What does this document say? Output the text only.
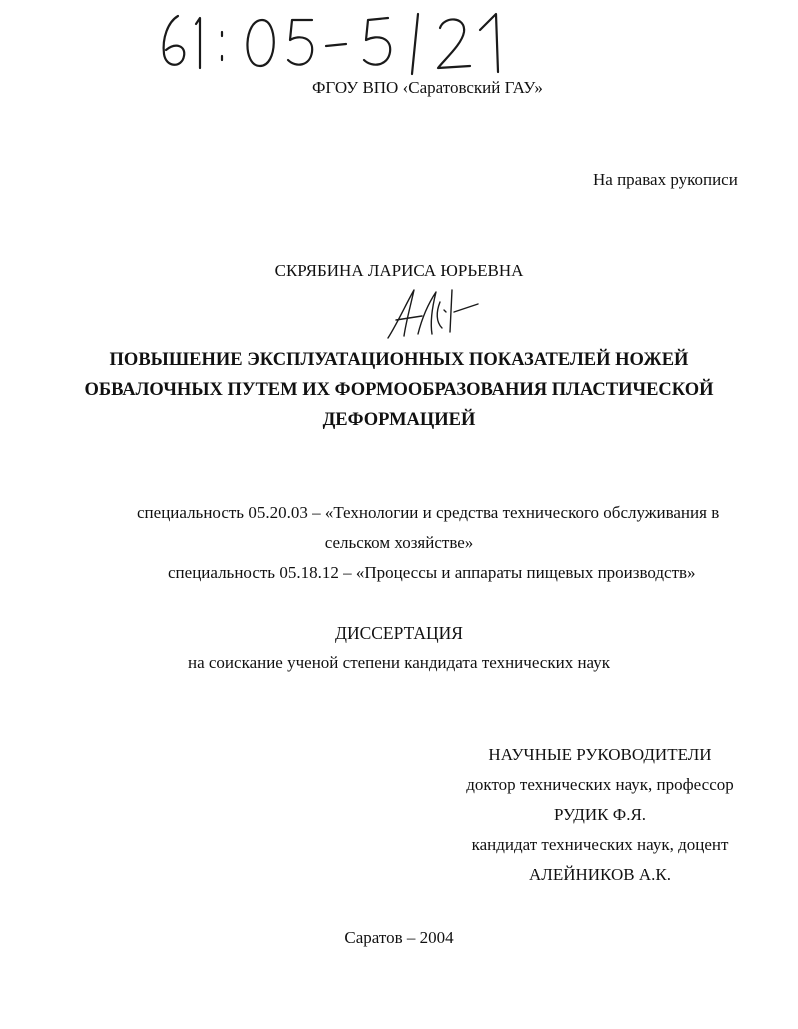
ФГОУ ВПО ‹Саратовский ГАУ»
На правах рукописи
СКРЯБИНА ЛАРИСА ЮРЬЕВНА
ПОВЫШЕНИЕ ЭКСПЛУАТАЦИОННЫХ ПОКАЗАТЕЛЕЙ НОЖЕЙ
ОБВАЛОЧНЫХ ПУТЕМ ИХ ФОРМООБРАЗОВАНИЯ ПЛАСТИЧЕСКОЙ
ДЕФОРМАЦИЕЙ
специальность 05.20.03 – «Технологии и средства технического обслуживания в
сельском хозяйстве»
специальность 05.18.12 – «Процессы и аппараты пищевых производств»
ДИССЕРТАЦИЯ
на соискание ученой степени кандидата технических наук
НАУЧНЫЕ РУКОВОДИТЕЛИ
доктор технических наук, профессор
РУДИК Ф.Я.
кандидат технических наук, доцент
АЛЕЙНИКОВ А.К.
Саратов – 2004
